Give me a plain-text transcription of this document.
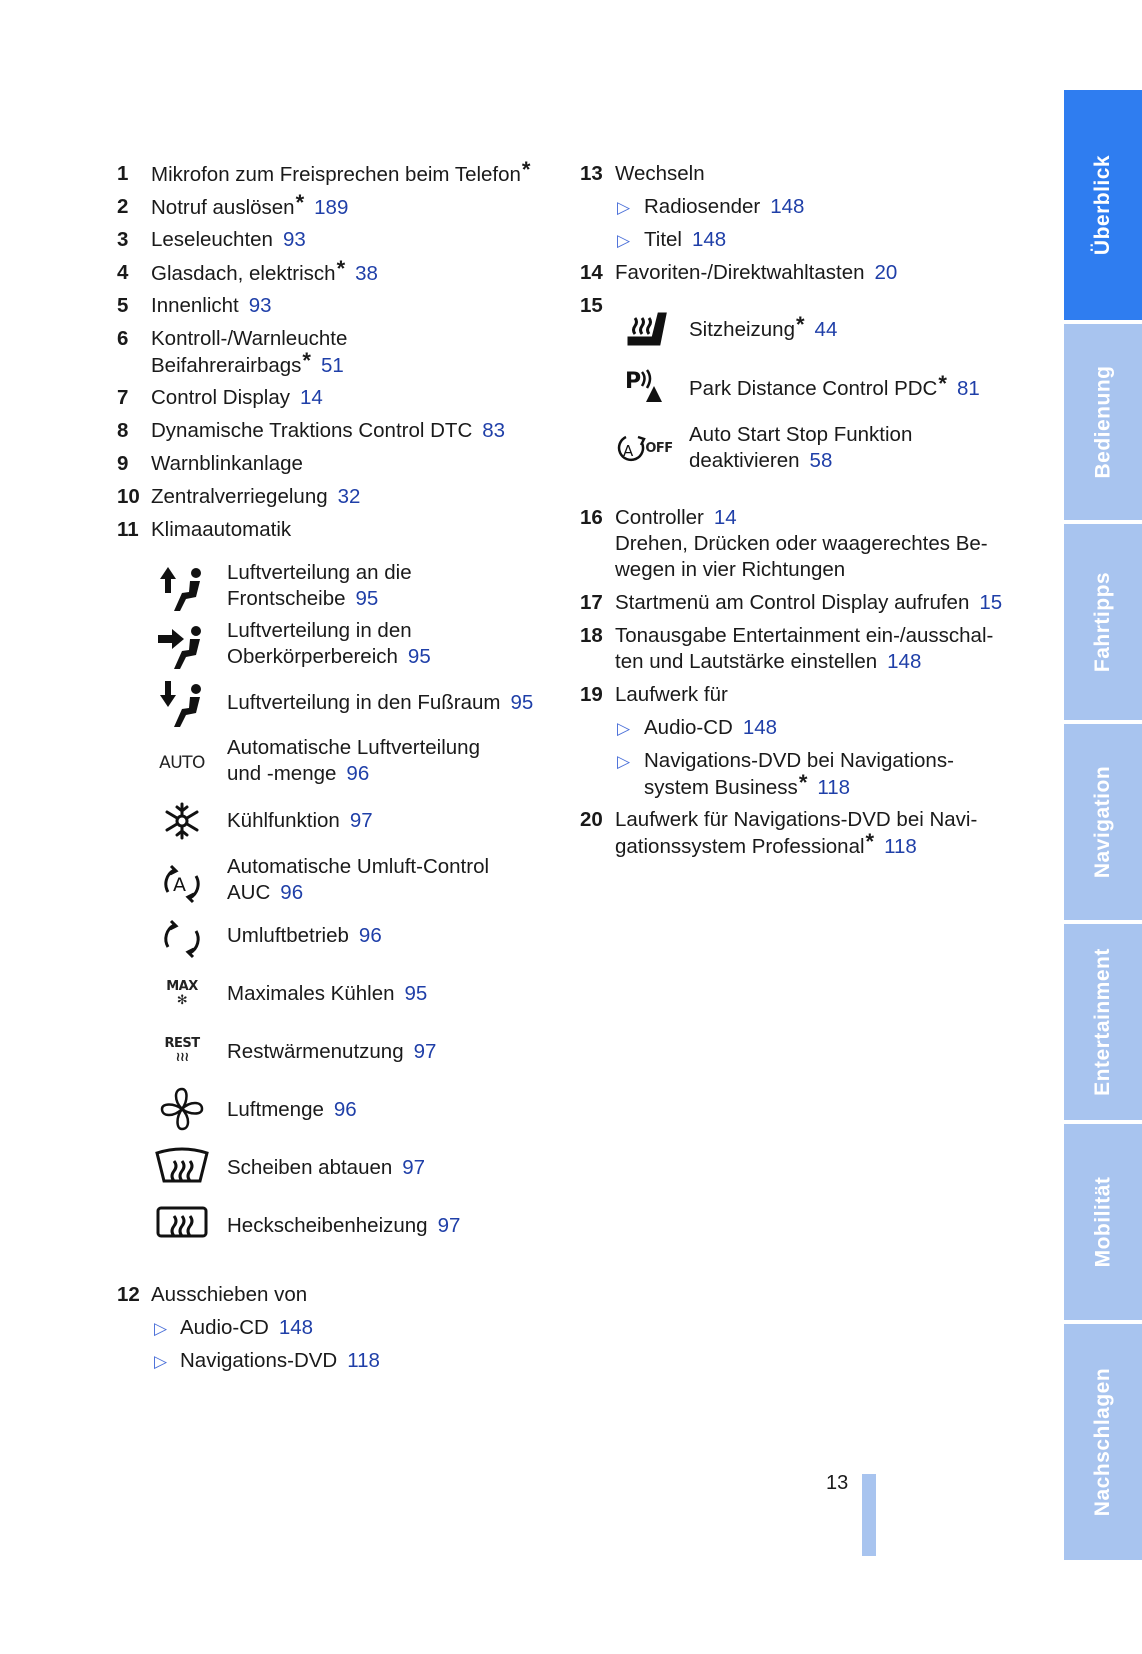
1 Mikrofon zum Freisprechen beim Telefon*
2 Notruf auslösen* 189
3 Leseleuchten 93
4 Glasdach, elektrisch* 38
5 Innenlicht 93
6 Kontroll-/Warnleuchte
Beifahrerairbags* 51
7 Control Display 14
8 Dynamische Traktions Control DTC 83
9 Warnblinkanlage
10 Zentralverriegelung 32
11 Klimaautomatik
Luftverteilung an die
Frontscheibe 95
Luftverteilung in den
Oberkörperbereich 95
Luftverteilung in den Fußraum 95
AUTO
Automatische Luftverteilung
und -menge 96
Kühlfunktion 97
A
Automatische Umluft-Control
AUC 96
Umluftbetrieb 96
MAX
✻	Maximales Kühlen 95
REST
≀≀≀	Restwärmenutzung 97
Luftmenge 96
Scheiben abtauen 97
Heckscheibenheizung 97
12 Ausschieben von
▷ Audio-CD 148
▷ Navigations-DVD 118
13 Wechseln
▷ Radiosender 148
▷ Titel 148
14 Favoriten-/Direktwahltasten 20
15
Sitzheizung* 44
P Park Distance Control PDC* 81
A OFF
Auto Start Stop Funktion
deaktivieren 58
16 Controller 14
Drehen, Drücken oder waagerechtes Be-
wegen in vier Richtungen
17 Startmenü am Control Display aufrufen 15
18 Tonausgabe Entertainment ein-/ausschal-
ten und Lautstärke einstellen 148
19 Laufwerk für
▷ Audio-CD 148
▷ Navigations-DVD bei Navigations-
system Business* 118
20 Laufwerk für Navigations-DVD bei Navi-
gationssystem Professional* 118
Überblick
Bedienung
Fahrtipps
Navigation
Entertainment
Mobilität
Nachschlagen
13
